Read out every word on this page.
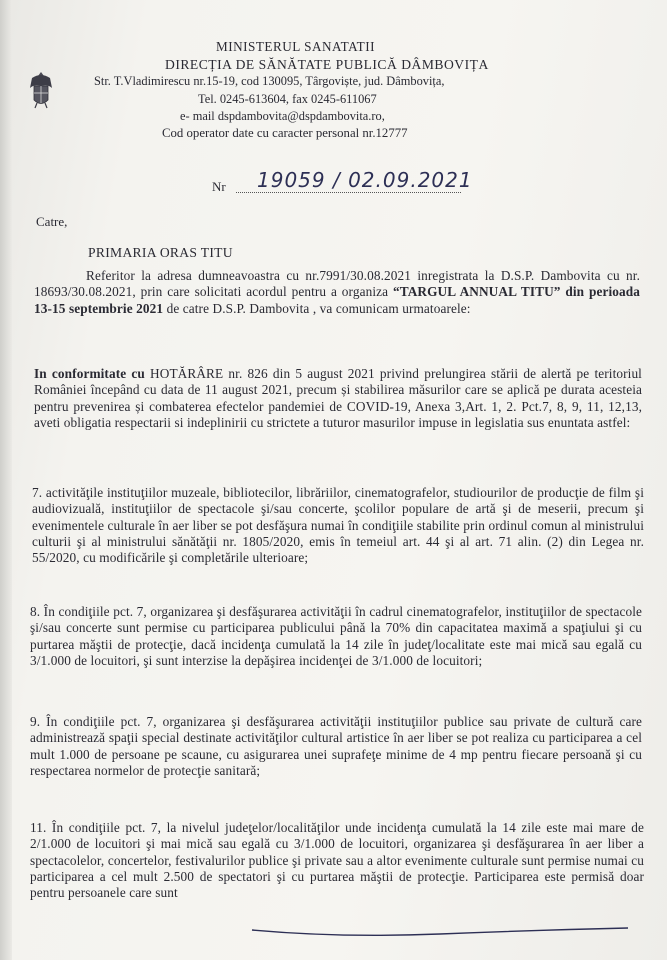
MINISTERUL SANATATII
DIRECȚIA DE SĂNĂTATE PUBLICĂ DÂMBOVIȚA
Str. T.Vladimirescu nr.15-19, cod 130095, Târgoviște, jud. Dâmbovița,
Tel. 0245-613604, fax 0245-611067
e- mail dspdambovita@dspdambovita.ro,
Cod operator date cu caracter personal nr.12777
Nr 19059 / 02.09.2021
Catre,
PRIMARIA ORAS TITU
Referitor la adresa dumneavoastra cu nr.7991/30.08.2021 inregistrata la D.S.P. Dambovita cu nr. 18693/30.08.2021, prin care solicitati acordul pentru a organiza “TARGUL ANNUAL TITU” din perioada 13-15 septembrie 2021 de catre D.S.P. Dambovita , va comunicam urmatoarele:
In conformitate cu HOTĂRÂRE nr. 826 din 5 august 2021 privind prelungirea stării de alertă pe teritoriul României începând cu data de 11 august 2021, precum și stabilirea măsurilor care se aplică pe durata acesteia pentru prevenirea și combaterea efectelor pandemiei de COVID-19, Anexa 3,Art. 1, 2. Pct.7, 8, 9, 11, 12,13, aveti obligatia respectarii si indeplinirii cu strictete a tuturor masurilor impuse in legislatia sus enuntata astfel:
7. activităţile instituţiilor muzeale, bibliotecilor, librăriilor, cinematografelor, studiourilor de producţie de film şi audiovizuală, instituţiilor de spectacole şi/sau concerte, şcolilor populare de artă şi de meserii, precum şi evenimentele culturale în aer liber se pot desfăşura numai în condiţiile stabilite prin ordinul comun al ministrului culturii şi al ministrului sănătăţii nr. 1805/2020, emis în temeiul art. 44 şi al art. 71 alin. (2) din Legea nr. 55/2020, cu modificările şi completările ulterioare;
8. În condiţiile pct. 7, organizarea şi desfăşurarea activităţii în cadrul cinematografelor, instituţiilor de spectacole şi/sau concerte sunt permise cu participarea publicului până la 70% din capacitatea maximă a spaţiului şi cu purtarea măştii de protecţie, dacă incidenţa cumulată la 14 zile în judeţ/localitate este mai mică sau egală cu 3/1.000 de locuitori, şi sunt interzise la depăşirea incidenţei de 3/1.000 de locuitori;
9. În condiţiile pct. 7, organizarea şi desfăşurarea activităţii instituţiilor publice sau private de cultură care administrează spaţii special destinate activităţilor cultural artistice în aer liber se pot realiza cu participarea a cel mult 1.000 de persoane pe scaune, cu asigurarea unei suprafeţe minime de 4 mp pentru fiecare persoană şi cu respectarea normelor de protecţie sanitară;
11. În condiţiile pct. 7, la nivelul judeţelor/localităţilor unde incidenţa cumulată la 14 zile este mai mare de 2/1.000 de locuitori şi mai mică sau egală cu 3/1.000 de locuitori, organizarea şi desfăşurarea în aer liber a spectacolelor, concertelor, festivalurilor publice şi private sau a altor evenimente culturale sunt permise numai cu participarea a cel mult 2.500 de spectatori şi cu purtarea măştii de protecţie. Participarea este permisă doar pentru persoanele care sunt
